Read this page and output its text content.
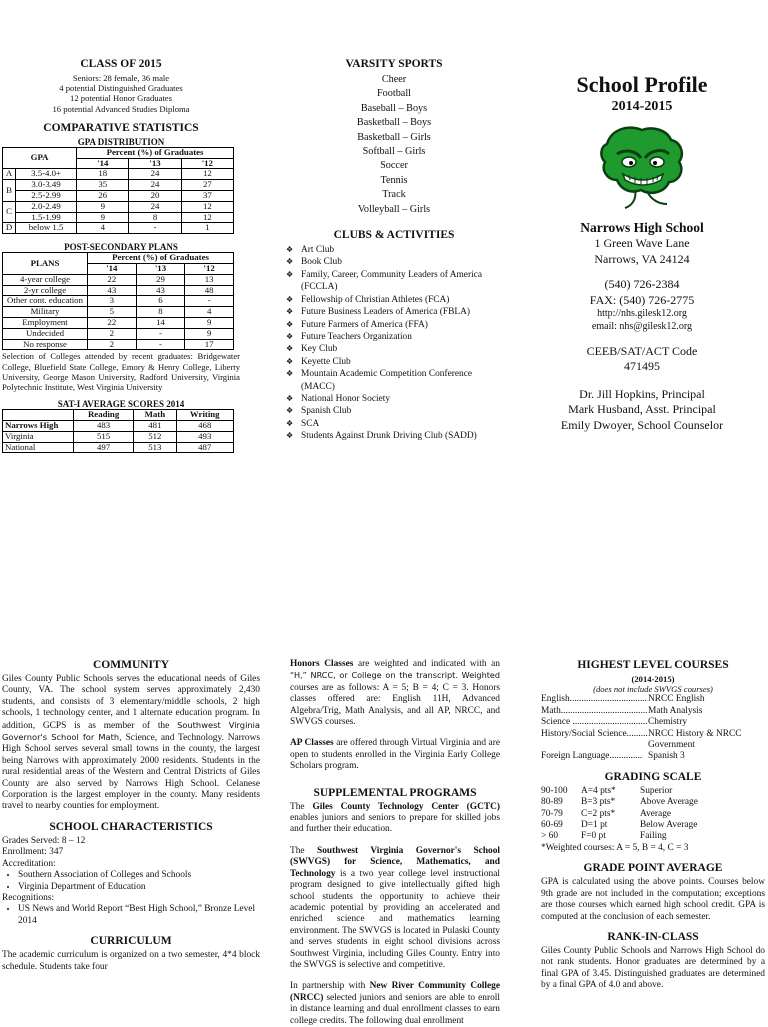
CLASS OF 2015
Seniors: 28 female, 36 male
4 potential Distinguished Graduates
12 potential Honor Graduates
16 potential Advanced Studies Diploma
COMPARATIVE STATISTICS
GPA DISTRIBUTION
GPA		Percent (%) of Graduates		
		'14	'13	'12
A	3.5-4.0+	18	24	12
B	3.0-3.49	35	24	27
	2.5-2.99	26	20	37
C	2.0-2.49	9	24	12
	1.5-1.99	9	8	12
D	below 1.5	4	-	1
POST-SECONDARY PLANS
PLANS	Percent (%) of Graduates		
	'14	'13	'12
4-year college	22	29	13
2-yr college	43	43	48
Other cont. education	3	6	-
Military	5	8	4
Employment	22	14	9
Undecided	2	-	9
No response	2	-	17
Selection of Colleges attended by recent graduates: Bridgewater College, Bluefield State College, Emory & Henry College, Liberty University, George Mason University, Radford University, Virginia Polytechnic Institute, West Virginia University
SAT-I AVERAGE SCORES 2014
	Reading	Math	Writing
Narrows High	483	481	468
Virginia	515	512	493
National	497	513	487
VARSITY SPORTS
Cheer
Football
Baseball – Boys
Basketball – Boys
Basketball – Girls
Softball – Girls
Soccer
Tennis
Track
Volleyball – Girls
CLUBS & ACTIVITIES
❖ Art Club
❖ Book Club
❖ Family, Career, Community Leaders of America (FCCLA)
❖ Fellowship of Christian Athletes (FCA)
❖ Future Business Leaders of America (FBLA)
❖ Future Farmers of America (FFA)
❖ Future Teachers Organization
❖ Key Club
❖ Keyette Club
❖ Mountain Academic Competition Conference (MACC)
❖ National Honor Society
❖ Spanish Club
❖ SCA
❖ Students Against Drunk Driving Club (SADD)
School Profile
2014-2015
Narrows High School
1 Green Wave Lane
Narrows, VA 24124
(540) 726-2384
FAX: (540) 726-2775
http://nhs.gilesk12.org
email: nhs@gilesk12.org
CEEB/SAT/ACT Code
471495
Dr. Jill Hopkins, Principal
Mark Husband, Asst. Principal
Emily Dwoyer, School Counselor
COMMUNITY
Giles County Public Schools serves the educational needs of Giles County, VA. The school system serves approximately 2,430 students, and consists of 3 elementary/middle schools, 2 high schools, 1 technology center, and 1 alternate education program. In addition, GCPS is as member of the Southwest Virginia Governor's School for Math, Science, and Technology. Narrows High School serves several small towns in the county, the largest being Narrows with approximately 2000 residents. Students in the rural residential areas of the Western and Central Districts of Giles County are also served by Narrows High School. Celanese Corporation is the largest employer in the county. Many residents travel to nearby counties for employment.
SCHOOL CHARACTERISTICS
Grades Served: 8 – 12
Enrollment: 347
Accreditation:
• Southern Association of Colleges and Schools
• Virginia Department of Education
Recognitions:
• US News and World Report “Best High School,” Bronze Level 2014
CURRICULUM
The academic curriculum is organized on a two semester, 4*4 block schedule. Students take four
Honors Classes are weighted and indicated with an “H,” NRCC, or College on the transcript. Weighted courses are as follows: A = 5; B = 4; C = 3. Honors classes offered are: English 11H, Advanced Algebra/Trig, Math Analysis, and all AP, NRCC, and SWVGS courses.
AP Classes are offered through Virtual Virginia and are open to students enrolled in the Virginia Early College Scholars program.
SUPPLEMENTAL PROGRAMS
The Giles County Technology Center (GCTC) enables juniors and seniors to prepare for skilled jobs and further their education.
The Southwest Virginia Governor's School (SWVGS) for Science, Mathematics, and Technology is a two year college level instructional program designed to give intellectually gifted high school students the opportunity to achieve their academic potential by providing an accelerated and enriched science and mathematics learning environment. The SWVGS is located in Pulaski County and serves students in eight school divisions across Southwest Virginia, including Giles County. Entry into the SWVGS is selective and competitive.
In partnership with New River Community College (NRCC) selected juniors and seniors are able to enroll in distance learning and dual enrollment classes to earn college credits. The following dual enrollment
HIGHEST LEVEL COURSES
(2014-2015)
(does not include SWVGS courses)
English................................. NRCC English
Math..................................... Math Analysis
Science ................................ Chemistry
History/Social Science......... NRCC History & NRCC Government
Foreign Language.............. Spanish 3
GRADING SCALE
90-100	A=4 pts*	Superior
80-89	B=3 pts*	Above Average
70-79	C=2 pts*	Average
60-69	D=1 pt	Below Average
> 60	F=0 pt	Failing
*Weighted courses: A = 5, B = 4, C = 3
GRADE POINT AVERAGE
GPA is calculated using the above points. Courses below 9th grade are not included in the computation; exceptions are those courses which earned high school credit. GPA is computed at the conclusion of each semester.
RANK-IN-CLASS
Giles County Public Schools and Narrows High School do not rank students. Honor graduates are determined by a final GPA of 3.45. Distinguished graduates are determined by a final GPA of 4.0 and above.
